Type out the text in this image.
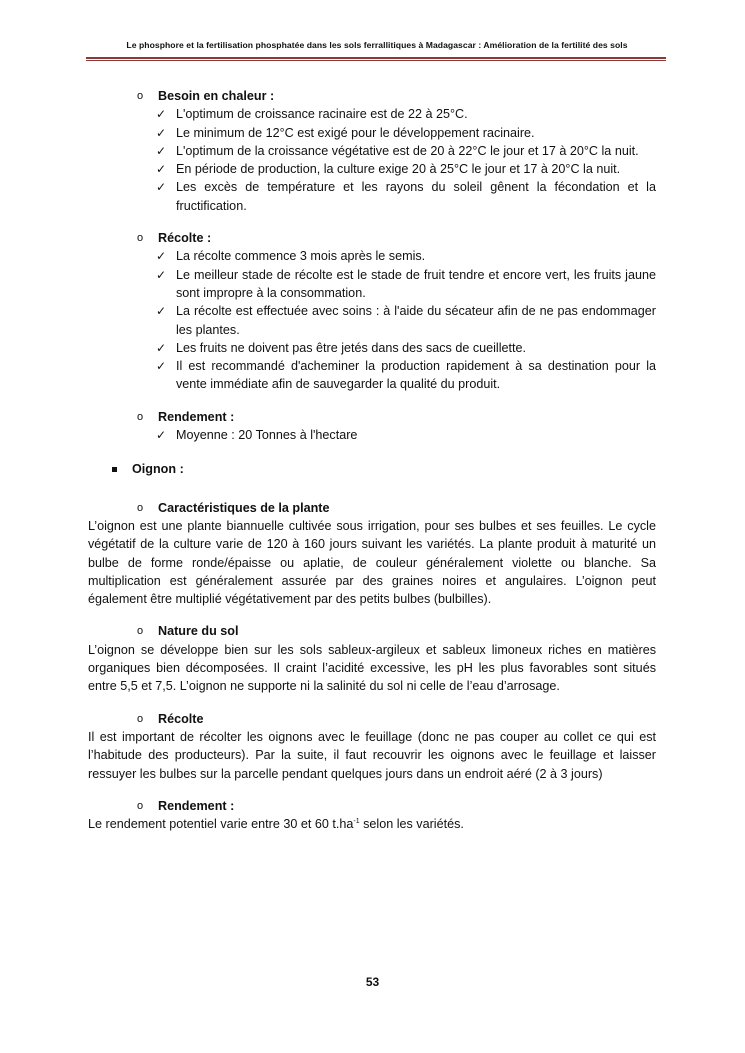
Le phosphore et la fertilisation phosphatée dans les sols ferrallitiques à Madagascar : Amélioration de la fertilité des sols
o Besoin en chaleur :
✓ L'optimum de croissance racinaire est de 22 à 25°C.
✓ Le minimum de 12°C est exigé pour le développement racinaire.
✓ L'optimum de la croissance végétative est de 20 à 22°C le jour et 17 à 20°C la nuit.
✓ En période de production, la culture exige 20 à 25°C le jour et 17 à 20°C la nuit.
✓ Les excès de température et les rayons du soleil gênent la fécondation et la fructification.
o Récolte :
✓ La récolte commence 3 mois après le semis.
✓ Le meilleur stade de récolte est le stade de fruit tendre et encore vert, les fruits jaune sont impropre à la consommation.
✓ La récolte est effectuée avec soins : à l'aide du sécateur afin de ne pas endommager les plantes.
✓ Les fruits ne doivent pas être jetés dans des sacs de cueillette.
✓ Il est recommandé d'acheminer la production rapidement à sa destination pour la vente immédiate afin de sauvegarder la qualité du produit.
o Rendement :
✓ Moyenne : 20 Tonnes à l'hectare
Oignon :
o Caractéristiques de la plante

L’oignon est une plante biannuelle cultivée sous irrigation, pour ses bulbes et ses feuilles. Le cycle végétatif de la culture varie de 120 à 160 jours suivant les variétés. La plante produit à maturité un bulbe de forme ronde/épaisse ou aplatie, de couleur généralement violette ou blanche. Sa multiplication est généralement assurée par des graines noires et angulaires. L’oignon peut également être multiplié végétativement par des petits bulbes (bulbilles).

o Nature du sol

L’oignon se développe bien sur les sols sableux-argileux et sableux limoneux riches en matières organiques bien décomposées. Il craint l’acidité excessive, les pH les plus favorables sont situés entre 5,5 et 7,5. L’oignon ne supporte ni la salinité du sol ni celle de l’eau d’arrosage.

o Récolte

Il est important de récolter les oignons avec le feuillage (donc ne pas couper au collet ce qui est l’habitude des producteurs). Par la suite, il faut recouvrir les oignons avec le feuillage et laisser ressuyer les bulbes sur la parcelle pendant quelques jours dans un endroit aéré (2 à 3 jours)

o Rendement :

Le rendement potentiel varie entre 30 et 60 $t.ha^{-1}$ selon les variétés.

53
